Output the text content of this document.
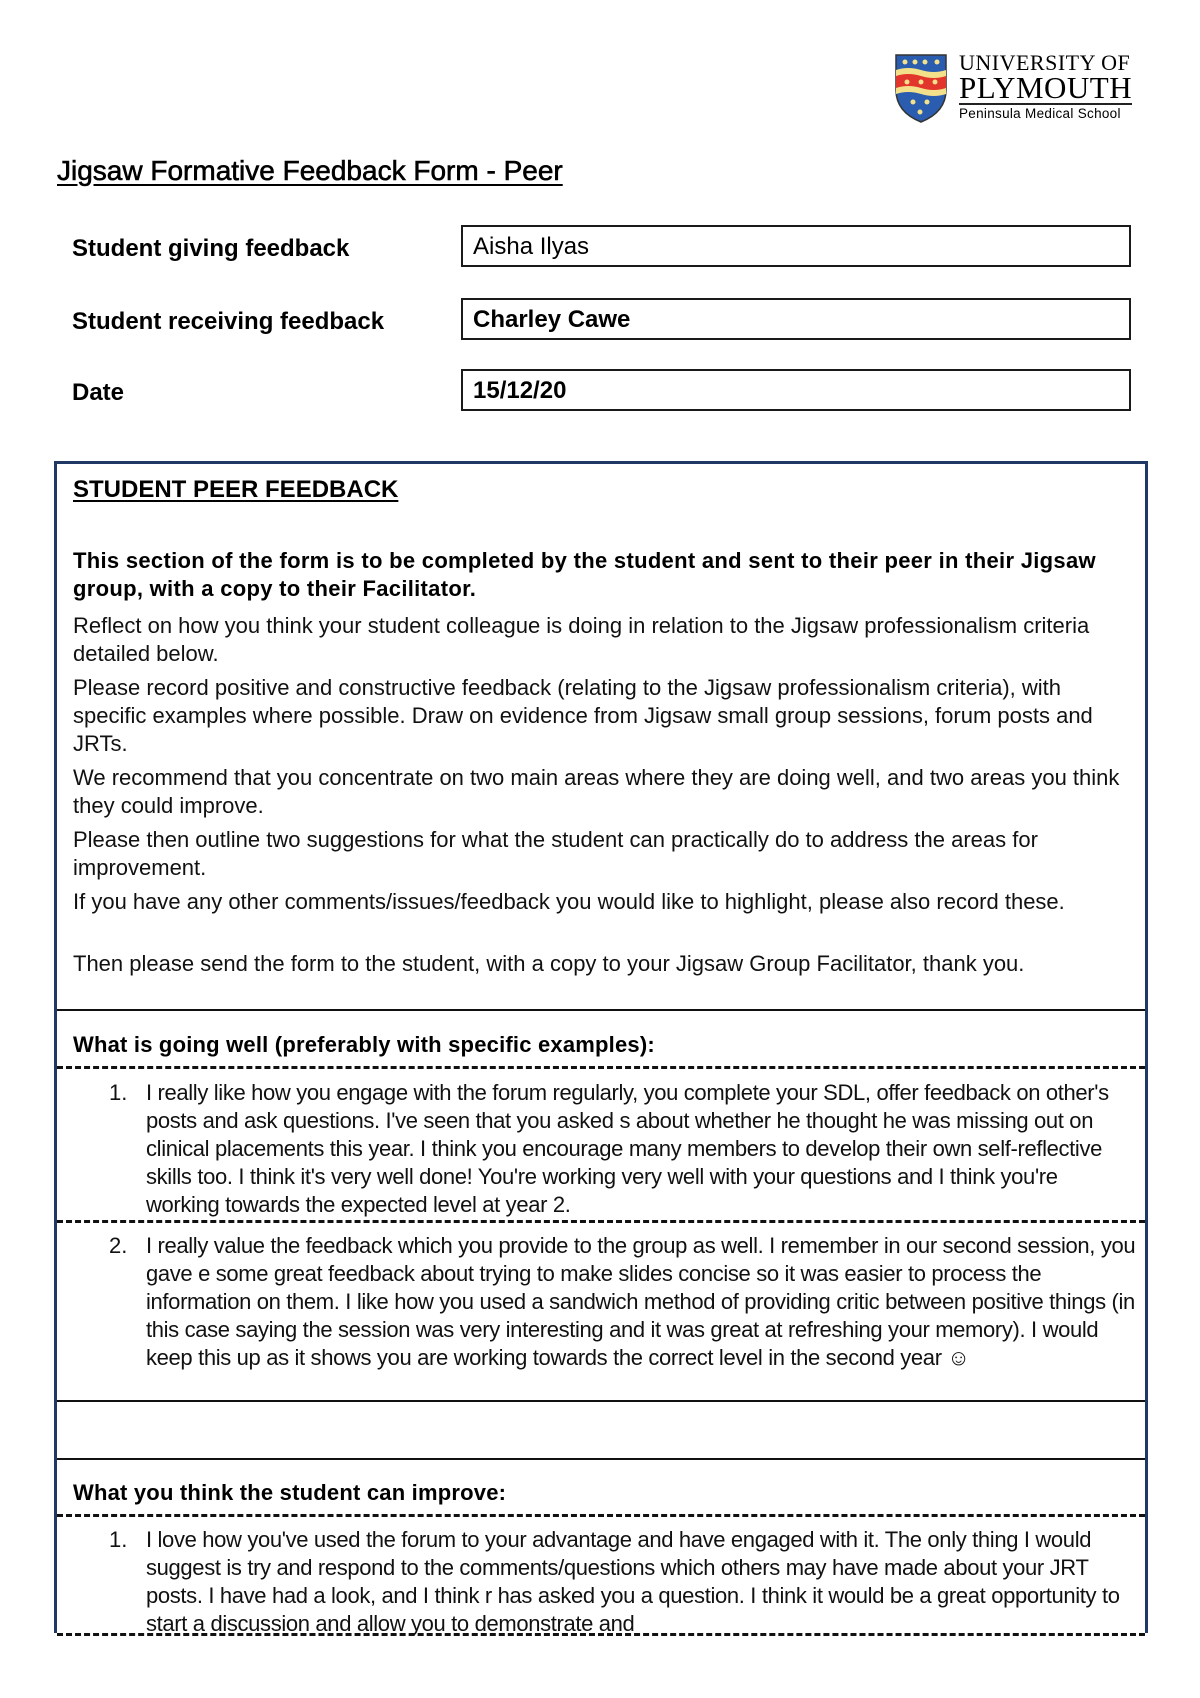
UNIVERSITY OF
PLYMOUTH
Peninsula Medical School
Jigsaw Formative Feedback Form - Peer
Student giving feedback	Aisha Ilyas
Student receiving feedback	Charley Cawe
Date	15/12/20
STUDENT PEER FEEDBACK
This section of the form is to be completed by the student and sent to their peer in their Jigsaw group, with a copy to their Facilitator.
Reflect on how you think your student colleague is doing in relation to the Jigsaw professionalism criteria detailed below.
Please record positive and constructive feedback (relating to the Jigsaw professionalism criteria), with specific examples where possible. Draw on evidence from Jigsaw small group sessions, forum posts and JRTs.
We recommend that you concentrate on two main areas where they are doing well, and two areas you think they could improve.
Please then outline two suggestions for what the student can practically do to address the areas for improvement.
If you have any other comments/issues/feedback you would like to highlight, please also record these.
Then please send the form to the student, with a copy to your Jigsaw Group Facilitator, thank you.
What is going well (preferably with specific examples):
1. I really like how you engage with the forum regularly, you complete your SDL, offer feedback on other's posts and ask questions. I've seen that you asked s about whether he thought he was missing out on clinical placements this year. I think you encourage many members to develop their own self-reflective skills too. I think it's very well done! You're working very well with your questions and I think you're working towards the expected level at year 2.
2. I really value the feedback which you provide to the group as well. I remember in our second session, you gave e some great feedback about trying to make slides concise so it was easier to process the information on them. I like how you used a sandwich method of providing critic between positive things (in this case saying the session was very interesting and it was great at refreshing your memory). I would keep this up as it shows you are working towards the correct level in the second year ☺
What you think the student can improve:
1. I love how you've used the forum to your advantage and have engaged with it. The only thing I would suggest is try and respond to the comments/questions which others may have made about your JRT posts. I have had a look, and I think r has asked you a question. I think it would be a great opportunity to start a discussion and allow you to demonstrate and
